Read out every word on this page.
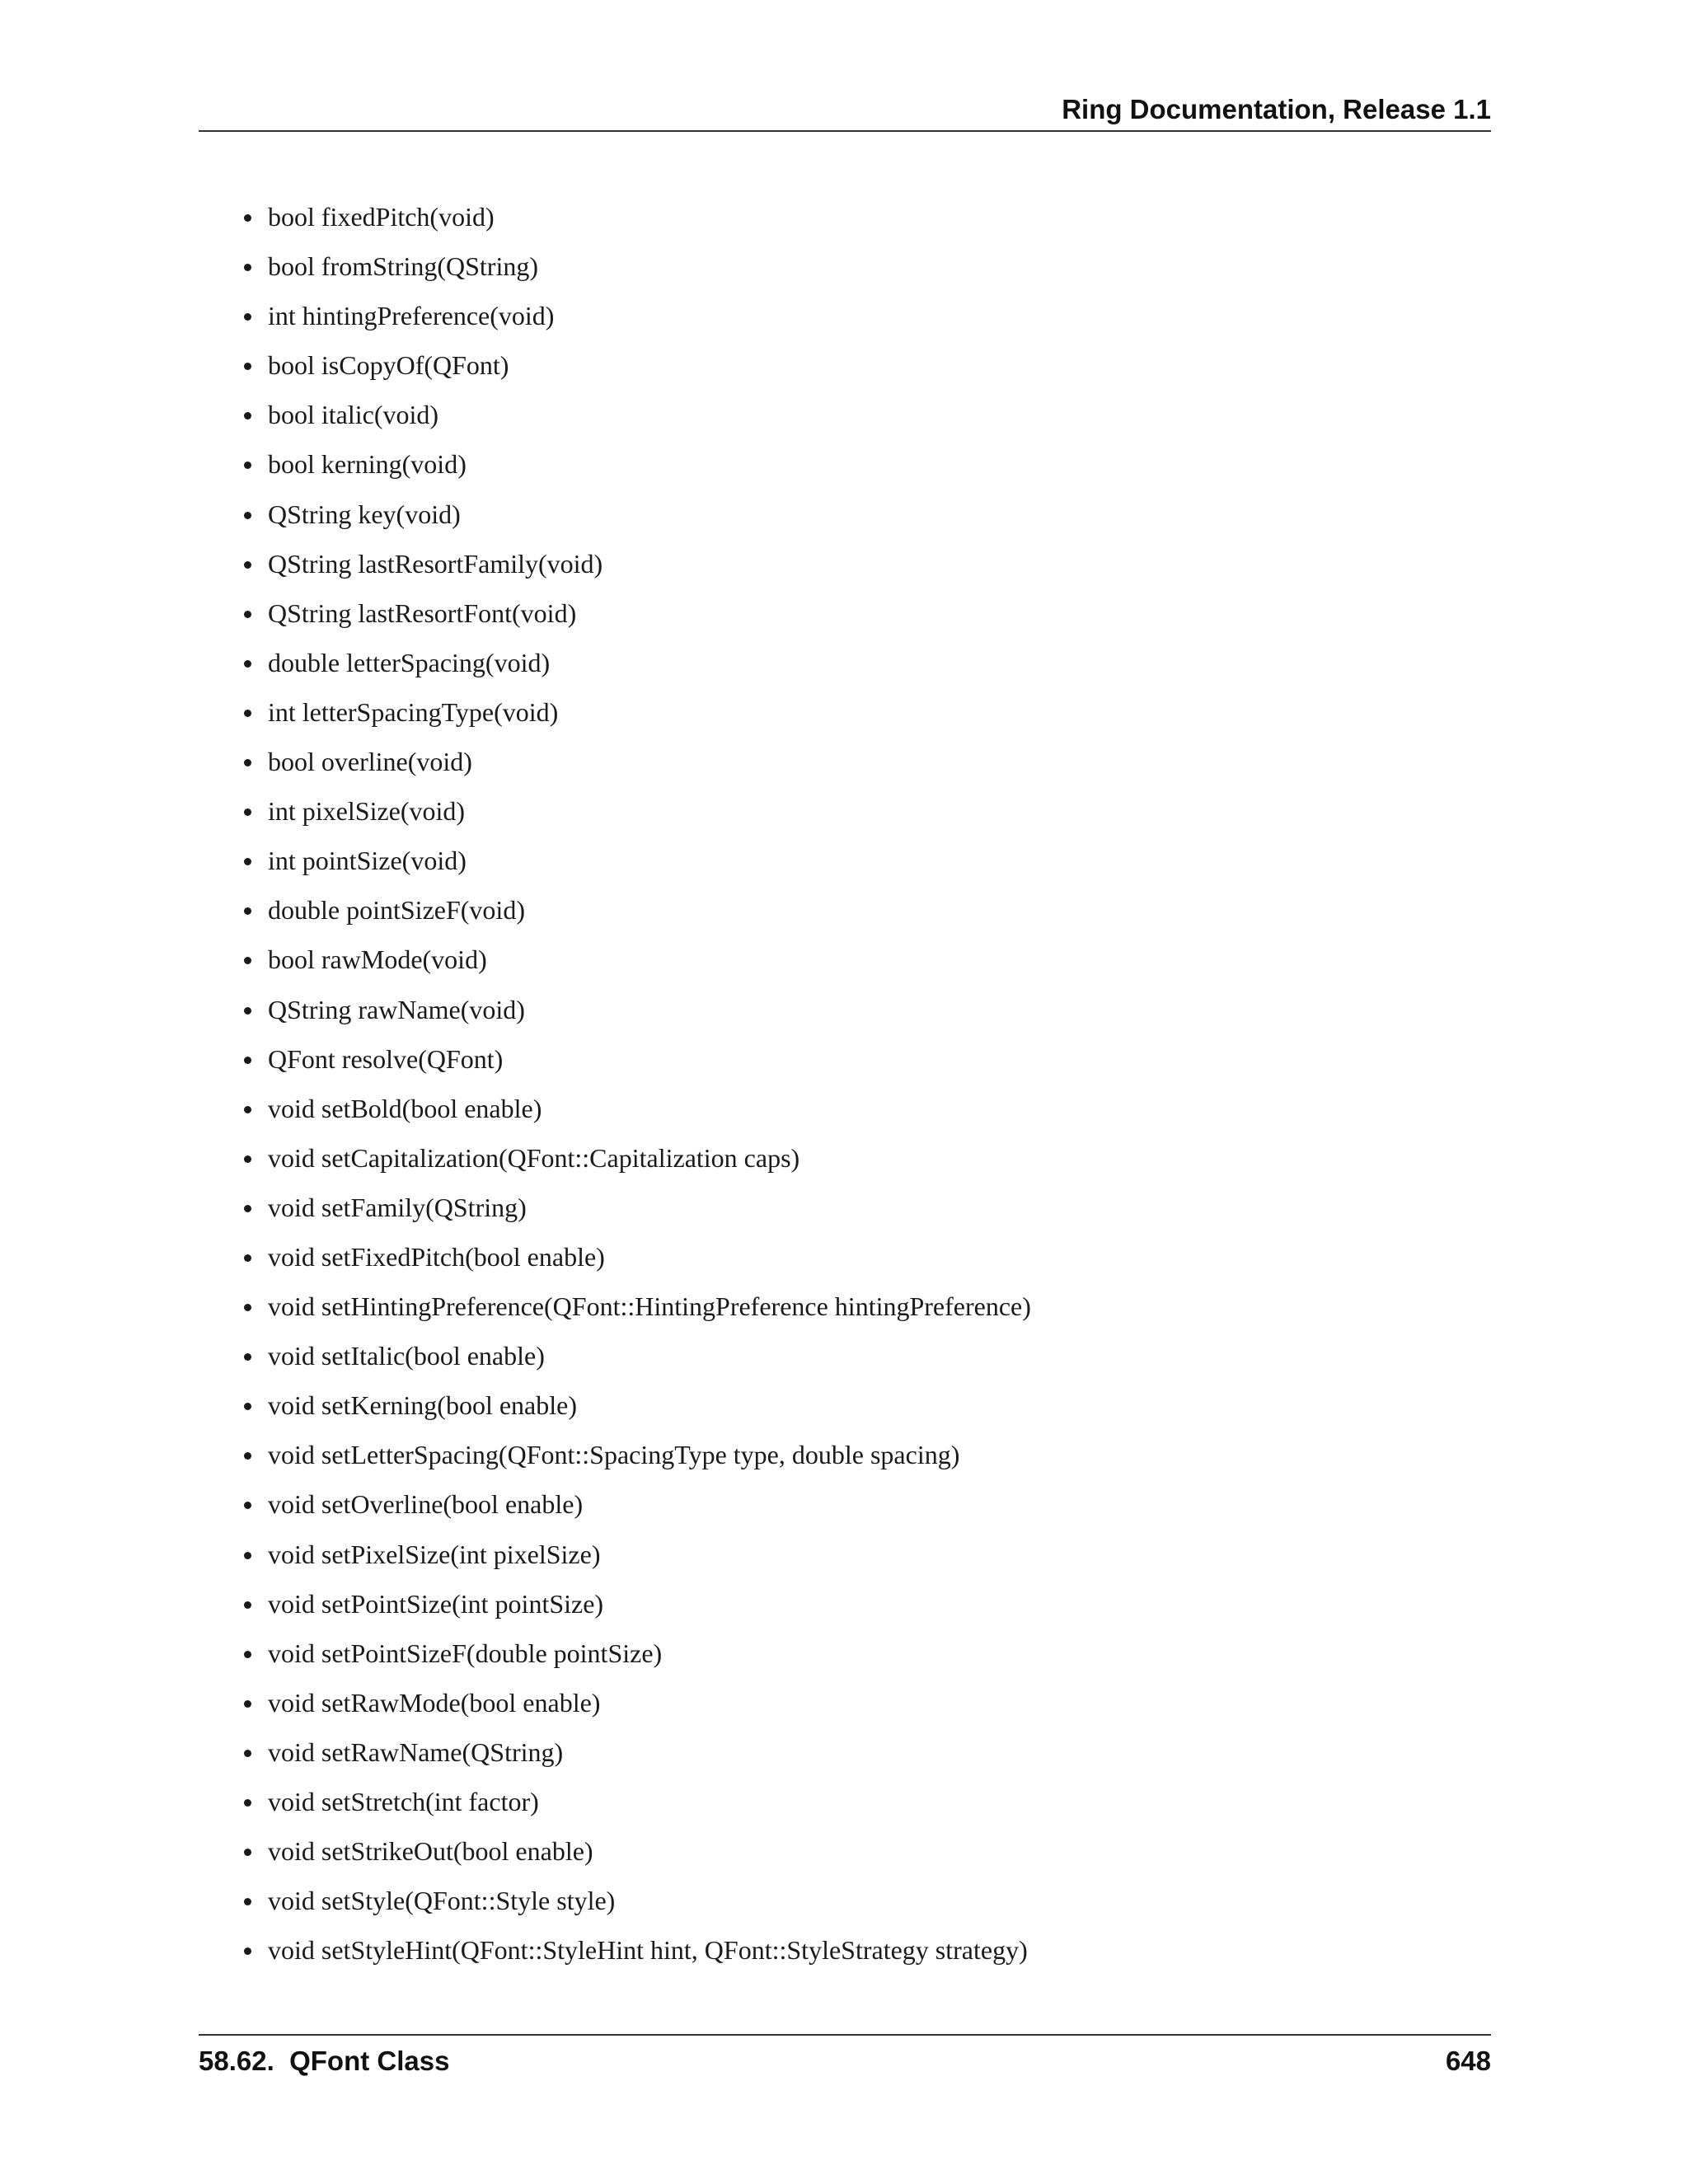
Ring Documentation, Release 1.1
bool fixedPitch(void)
bool fromString(QString)
int hintingPreference(void)
bool isCopyOf(QFont)
bool italic(void)
bool kerning(void)
QString key(void)
QString lastResortFamily(void)
QString lastResortFont(void)
double letterSpacing(void)
int letterSpacingType(void)
bool overline(void)
int pixelSize(void)
int pointSize(void)
double pointSizeF(void)
bool rawMode(void)
QString rawName(void)
QFont resolve(QFont)
void setBold(bool enable)
void setCapitalization(QFont::Capitalization caps)
void setFamily(QString)
void setFixedPitch(bool enable)
void setHintingPreference(QFont::HintingPreference hintingPreference)
void setItalic(bool enable)
void setKerning(bool enable)
void setLetterSpacing(QFont::SpacingType type, double spacing)
void setOverline(bool enable)
void setPixelSize(int pixelSize)
void setPointSize(int pointSize)
void setPointSizeF(double pointSize)
void setRawMode(bool enable)
void setRawName(QString)
void setStretch(int factor)
void setStrikeOut(bool enable)
void setStyle(QFont::Style style)
void setStyleHint(QFont::StyleHint hint, QFont::StyleStrategy strategy)
58.62.  QFont Class	648
